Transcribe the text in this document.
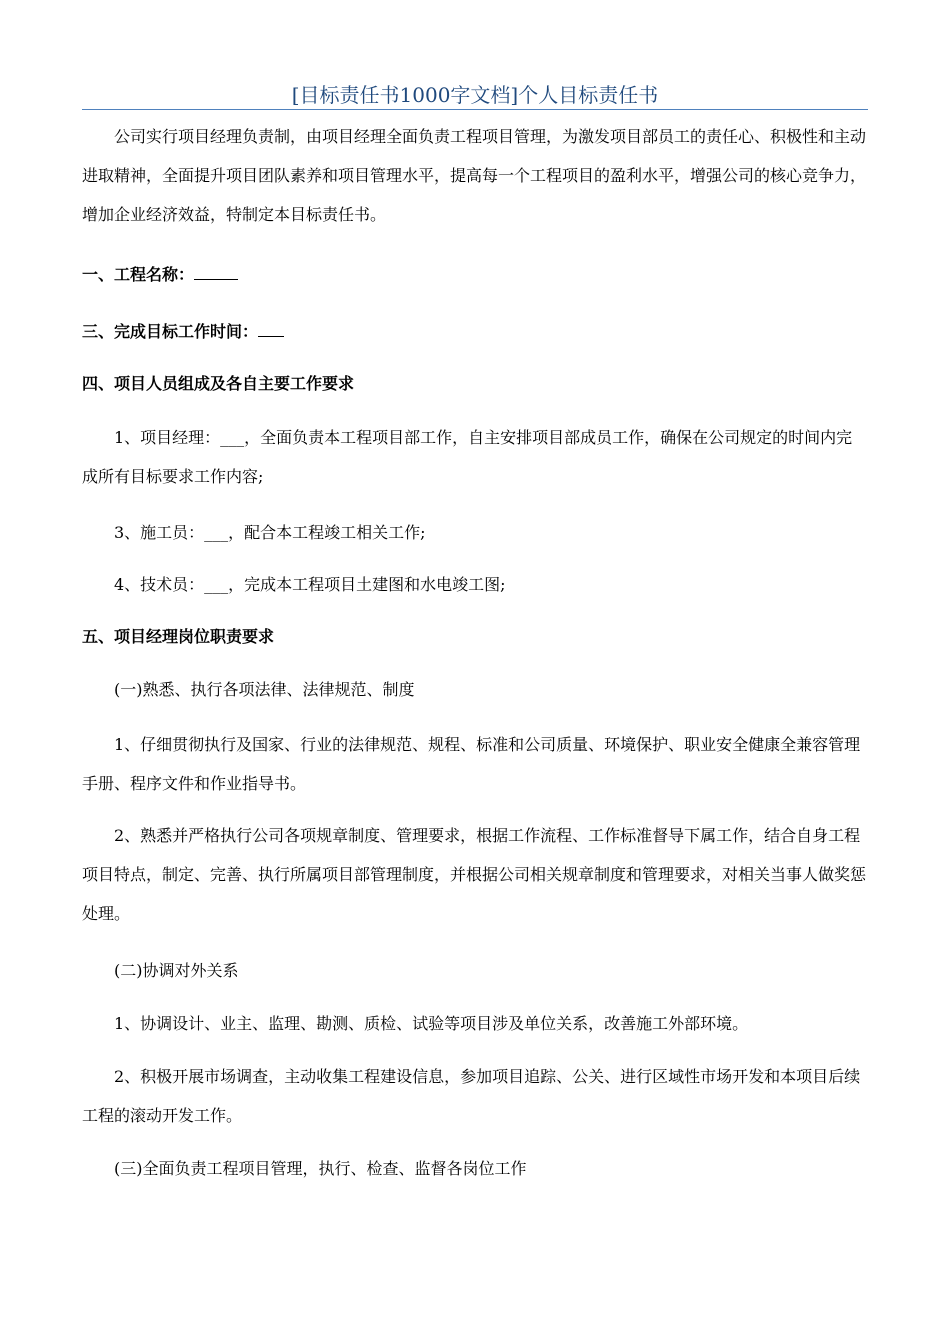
[目标责任书1000字文档]个人目标责任书

公司实行项目经理负责制，由项目经理全面负责工程项目管理，为激发项目部员工的责任心、积极性和主动进取精神，全面提升项目团队素养和项目管理水平，提高每一个工程项目的盈利水平，增强公司的核心竞争力，增加企业经济效益，特制定本目标责任书。

一、工程名称：
三、完成目标工作时间：
四、项目人员组成及各自主要工作要求

1、项目经理：___，全面负责本工程项目部工作，自主安排项目部成员工作，确保在公司规定的时间内完成所有目标要求工作内容;

3、施工员：___，配合本工程竣工相关工作;

4、技术员：___，完成本工程项目土建图和水电竣工图;

五、项目经理岗位职责要求

(一)熟悉、执行各项法律、法律规范、制度

1、仔细贯彻执行及国家、行业的法律规范、规程、标准和公司质量、环境保护、职业安全健康全兼容管理手册、程序文件和作业指导书。

2、熟悉并严格执行公司各项规章制度、管理要求，根据工作流程、工作标准督导下属工作，结合自身工程项目特点，制定、完善、执行所属项目部管理制度，并根据公司相关规章制度和管理要求，对相关当事人做奖惩处理。

(二)协调对外关系

1、协调设计、业主、监理、勘测、质检、试验等项目涉及单位关系，改善施工外部环境。

2、积极开展市场调查，主动收集工程建设信息，参加项目追踪、公关、进行区域性市场开发和本项目后续工程的滚动开发工作。

(三)全面负责工程项目管理，执行、检查、监督各岗位工作
